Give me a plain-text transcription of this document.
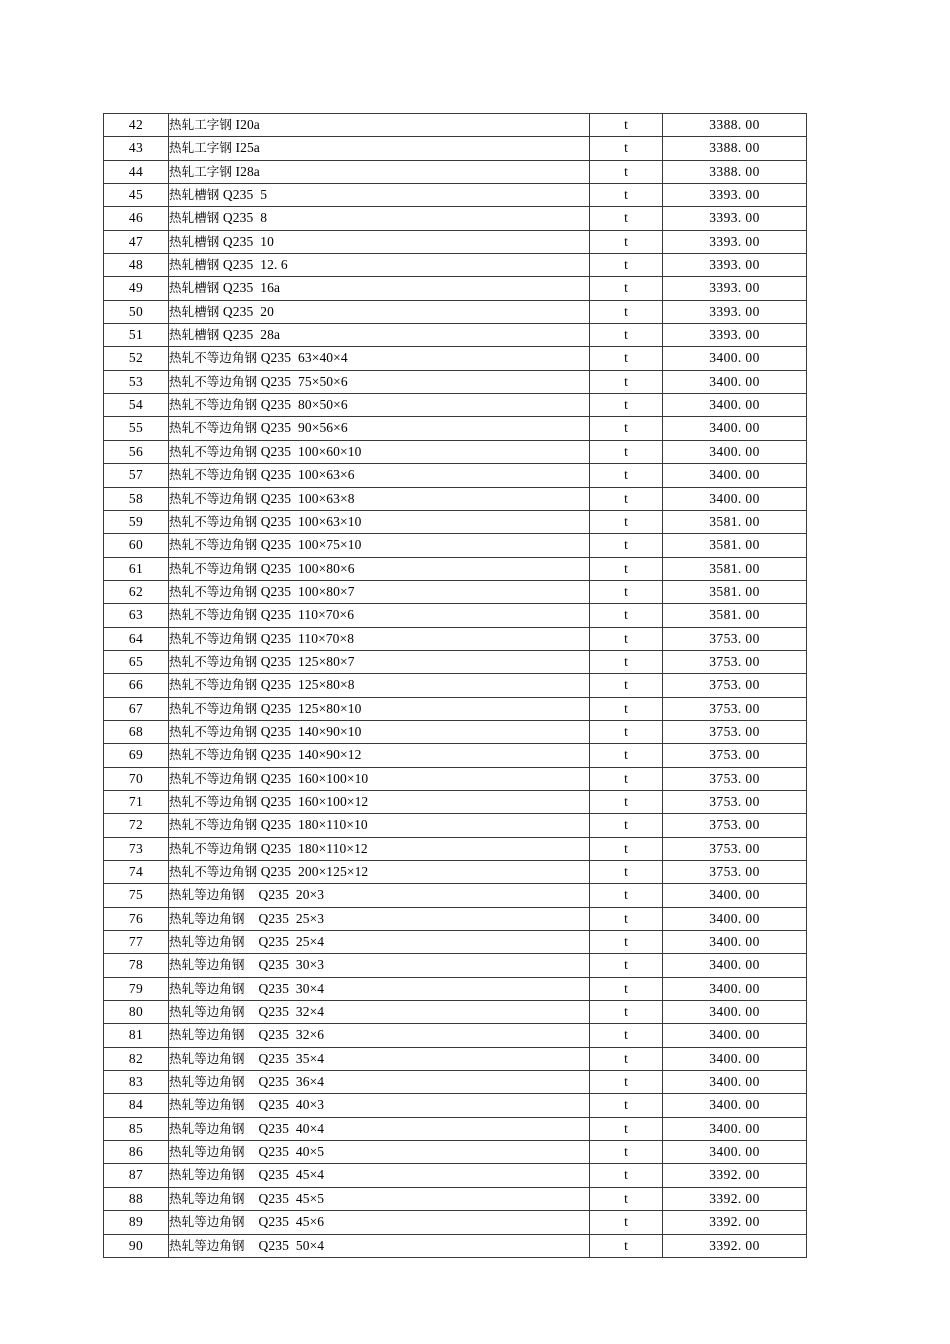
42	热轧工字钢 I20a	t	3388. 00
43	热轧工字钢 I25a	t	3388. 00
44	热轧工字钢 I28a	t	3388. 00
45	热轧槽钢 Q235  5	t	3393. 00
46	热轧槽钢 Q235  8	t	3393. 00
47	热轧槽钢 Q235  10	t	3393. 00
48	热轧槽钢 Q235  12. 6	t	3393. 00
49	热轧槽钢 Q235  16a	t	3393. 00
50	热轧槽钢 Q235  20	t	3393. 00
51	热轧槽钢 Q235  28a	t	3393. 00
52	热轧不等边角钢 Q235  63×40×4	t	3400. 00
53	热轧不等边角钢 Q235  75×50×6	t	3400. 00
54	热轧不等边角钢 Q235  80×50×6	t	3400. 00
55	热轧不等边角钢 Q235  90×56×6	t	3400. 00
56	热轧不等边角钢 Q235  100×60×10	t	3400. 00
57	热轧不等边角钢 Q235  100×63×6	t	3400. 00
58	热轧不等边角钢 Q235  100×63×8	t	3400. 00
59	热轧不等边角钢 Q235  100×63×10	t	3581. 00
60	热轧不等边角钢 Q235  100×75×10	t	3581. 00
61	热轧不等边角钢 Q235  100×80×6	t	3581. 00
62	热轧不等边角钢 Q235  100×80×7	t	3581. 00
63	热轧不等边角钢 Q235  110×70×6	t	3581. 00
64	热轧不等边角钢 Q235  110×70×8	t	3753. 00
65	热轧不等边角钢 Q235  125×80×7	t	3753. 00
66	热轧不等边角钢 Q235  125×80×8	t	3753. 00
67	热轧不等边角钢 Q235  125×80×10	t	3753. 00
68	热轧不等边角钢 Q235  140×90×10	t	3753. 00
69	热轧不等边角钢 Q235  140×90×12	t	3753. 00
70	热轧不等边角钢 Q235  160×100×10	t	3753. 00
71	热轧不等边角钢 Q235  160×100×12	t	3753. 00
72	热轧不等边角钢 Q235  180×110×10	t	3753. 00
73	热轧不等边角钢 Q235  180×110×12	t	3753. 00
74	热轧不等边角钢 Q235  200×125×12	t	3753. 00
75	热轧等边角钢 Q235  20×3	t	3400. 00
76	热轧等边角钢 Q235  25×3	t	3400. 00
77	热轧等边角钢 Q235  25×4	t	3400. 00
78	热轧等边角钢 Q235  30×3	t	3400. 00
79	热轧等边角钢 Q235  30×4	t	3400. 00
80	热轧等边角钢 Q235  32×4	t	3400. 00
81	热轧等边角钢 Q235  32×6	t	3400. 00
82	热轧等边角钢 Q235  35×4	t	3400. 00
83	热轧等边角钢 Q235  36×4	t	3400. 00
84	热轧等边角钢 Q235  40×3	t	3400. 00
85	热轧等边角钢 Q235  40×4	t	3400. 00
86	热轧等边角钢 Q235  40×5	t	3400. 00
87	热轧等边角钢 Q235  45×4	t	3392. 00
88	热轧等边角钢 Q235  45×5	t	3392. 00
89	热轧等边角钢 Q235  45×6	t	3392. 00
90	热轧等边角钢 Q235  50×4	t	3392. 00
